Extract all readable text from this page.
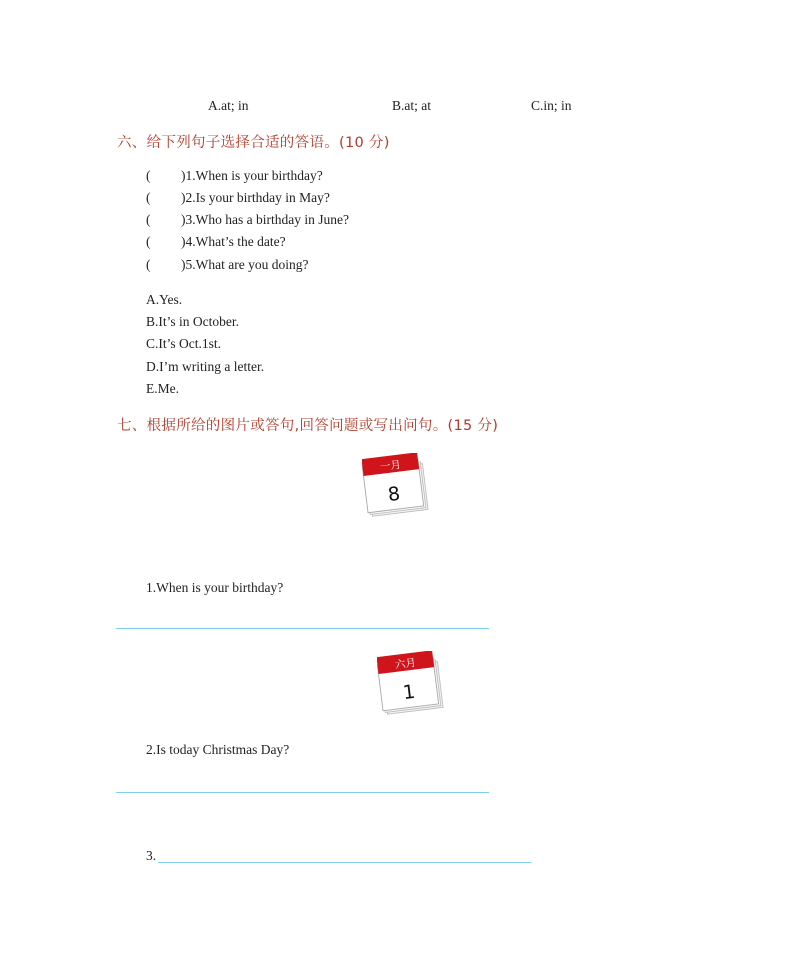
A.at; in	B.at; at	C.in; in
六、给下列句子选择合适的答语。(10 分)
( )1.When is your birthday?
( )2.Is your birthday in May?
( )3.Who has a birthday in June?
( )4.What’s the date?
( )5.What are you doing?
A.Yes.
B.It’s in October.
C.It’s Oct.1st.
D.I’m writing a letter.
E.Me.
七、根据所给的图片或答句,回答问题或写出问句。(15 分)
一月
8
1.When is your birthday?
六月
1
2.Is today Christmas Day?
3.
